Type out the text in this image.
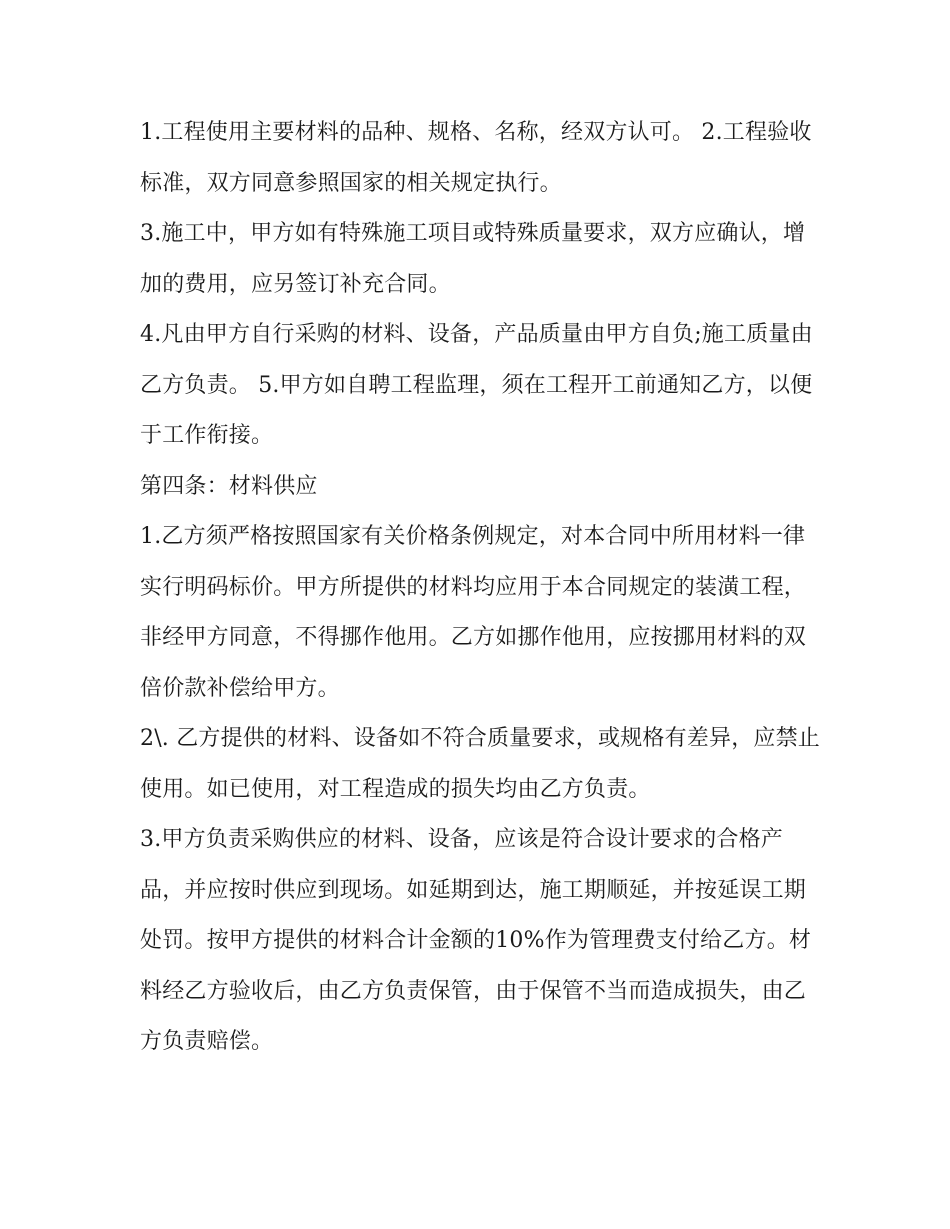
1.工程使用主要材料的品种、规格、名称，经双方认可。 2.工程验收标准，双方同意参照国家的相关规定执行。

3.施工中，甲方如有特殊施工项目或特殊质量要求，双方应确认，增加的费用，应另签订补充合同。

4.凡由甲方自行采购的材料、设备，产品质量由甲方自负;施工质量由乙方负责。 5.甲方如自聘工程监理，须在工程开工前通知乙方，以便于工作衔接。

第四条：材料供应

1.乙方须严格按照国家有关价格条例规定，对本合同中所用材料一律实行明码标价。甲方所提供的材料均应用于本合同规定的装潢工程，非经甲方同意，不得挪作他用。乙方如挪作他用，应按挪用材料的双倍价款补偿给甲方。

2\. 乙方提供的材料、设备如不符合质量要求，或规格有差异，应禁止使用。如已使用，对工程造成的损失均由乙方负责。

3.甲方负责采购供应的材料、设备，应该是符合设计要求的合格产品，并应按时供应到现场。如延期到达，施工期顺延，并按延误工期处罚。按甲方提供的材料合计金额的10%作为管理费支付给乙方。材料经乙方验收后，由乙方负责保管，由于保管不当而造成损失，由乙方负责赔偿。
